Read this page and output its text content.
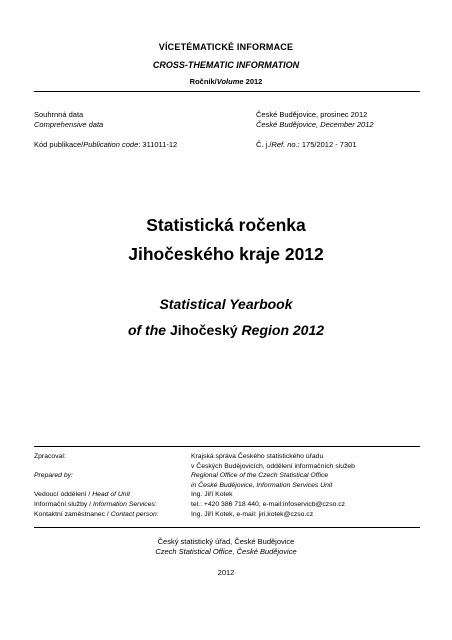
VÍCETÉMATICKÉ INFORMACE
CROSS-THEMATIC INFORMATION
Ročník/Volume 2012
Souhrnná data
Comprehensive data
České Budějovice, prosinec 2012
České Budějovice, December 2012
Kód publikace/Publication code: 311011-12	Č. j./Ref. no.: 175/2012 - 7301
Statistická ročenka
Jihočeského kraje 2012
Statistical Yearbook
of the Jihočeský Region 2012
Zpracoval:

Prepared by:

Vedoucí oddělení / Head of Unit
Informační služby / Information Services:
Kontaktní zaměstnanec / Contact person:
Krajská správa Českého statistického úřadu
v Českých Budějovicích, oddělení informačních služeb
Regional Office of the Czech Statistical Office
in České Budějovice, Information Services Unit
Ing. Jiří Kotek
tel.: +420 386 718 440, e-mail:infoservicb@czso.cz
Ing. Jiří Kotek, e-mail: jiri.kotek@czso.cz
Český statistický úřad, České Budějovice
Czech Statistical Office, České Budějovice
2012
